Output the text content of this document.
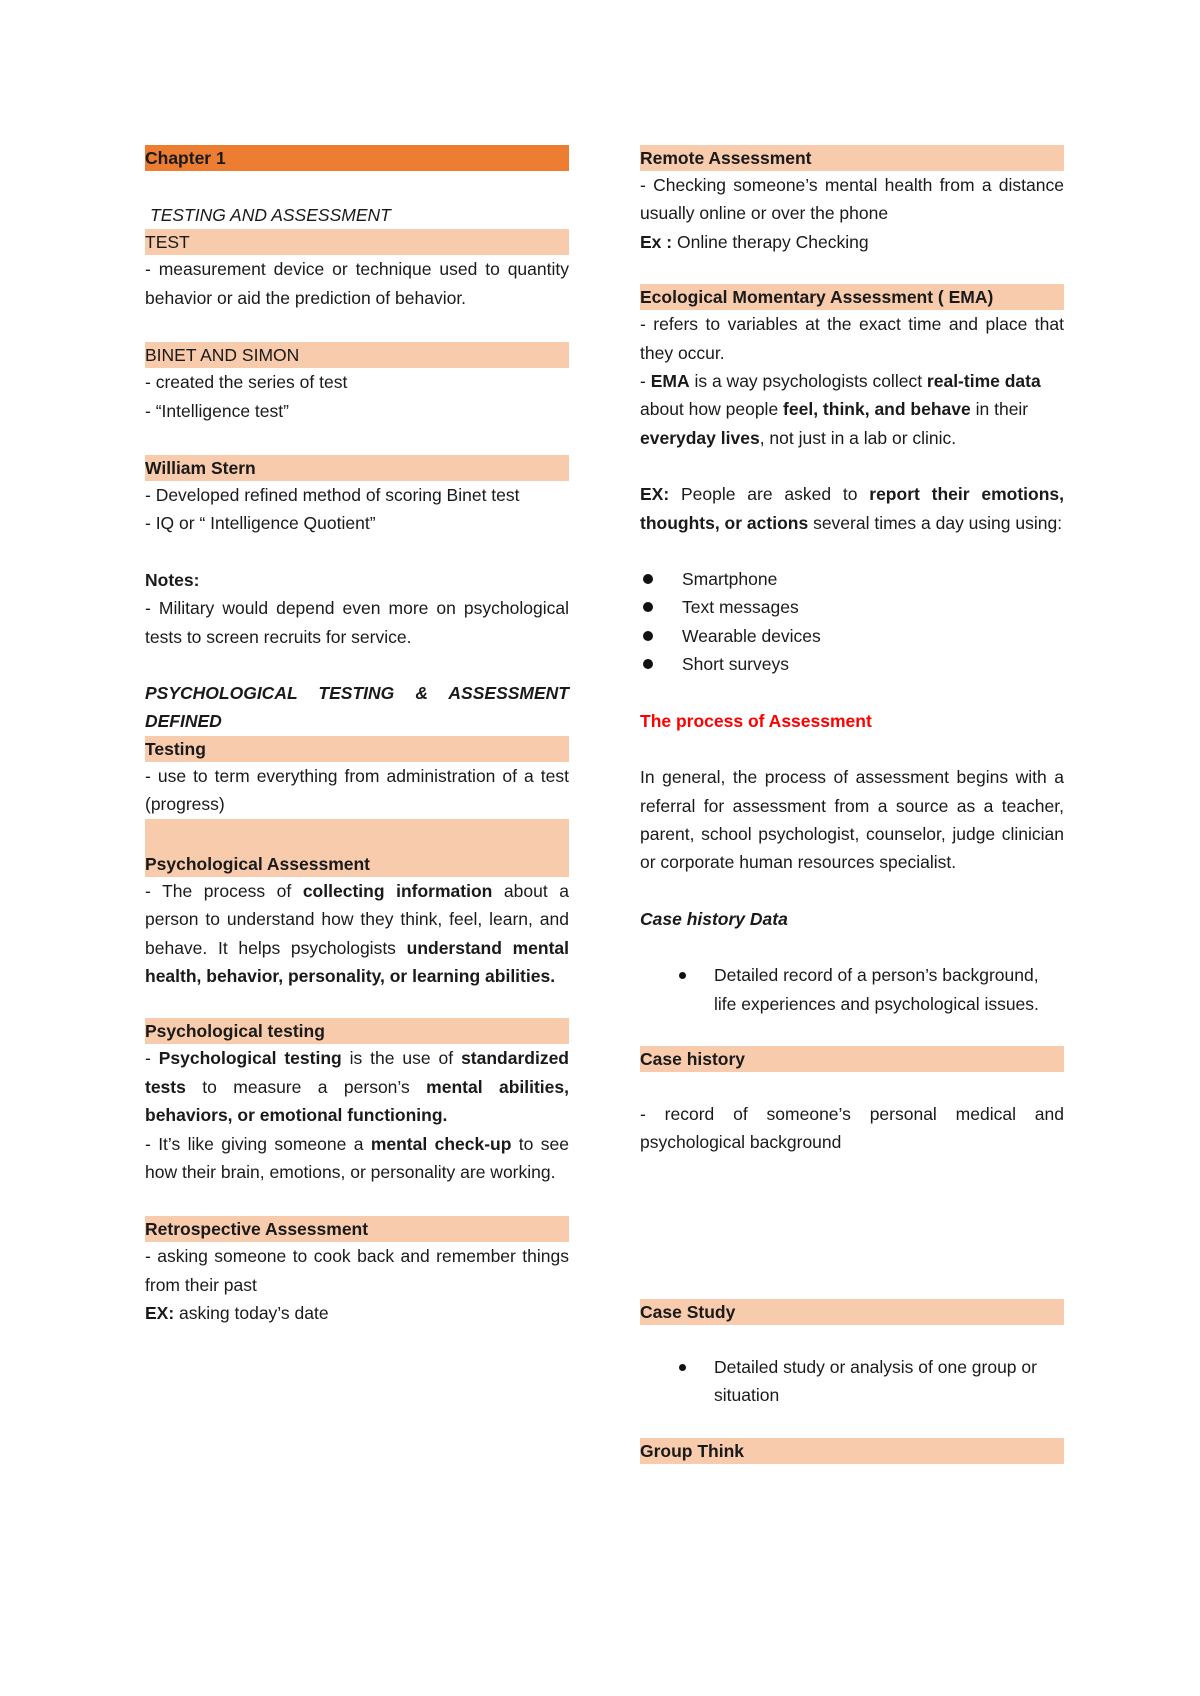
Chapter 1
TESTING AND ASSESSMENT
TEST
- measurement device or technique used to quantity behavior or aid the prediction of behavior.
BINET AND SIMON
- created the series of test
- “Intelligence test”
William Stern
- Developed refined method of scoring Binet test
- IQ or “ Intelligence Quotient”
Notes:
- Military would depend even more on psychological tests to screen recruits for service.
PSYCHOLOGICAL TESTING & ASSESSMENT DEFINED
Testing
- use to term everything from administration of a test (progress)
Psychological Assessment
- The process of collecting information about a person to understand how they think, feel, learn, and behave. It helps psychologists understand mental health, behavior, personality, or learning abilities.
Psychological testing
- Psychological testing is the use of standardized tests to measure a person’s mental abilities, behaviors, or emotional functioning.
- It’s like giving someone a mental check-up to see how their brain, emotions, or personality are working.
Retrospective Assessment
- asking someone to cook back and remember things from their past
EX: asking today’s date
Remote Assessment
- Checking someone’s mental health from a distance usually online or over the phone
Ex : Online therapy Checking
Ecological Momentary Assessment ( EMA)
- refers to variables at the exact time and place that they occur.
- EMA is a way psychologists collect real-time data about how people feel, think, and behave in their everyday lives, not just in a lab or clinic.
EX: People are asked to report their emotions, thoughts, or actions several times a day using using:
Smartphone
Text messages
Wearable devices
Short surveys
The process of Assessment
In general, the process of assessment begins with a referral for assessment from a source as a teacher, parent, school psychologist, counselor, judge clinician or corporate human resources specialist.
Case history Data
Detailed record of a person’s background, life experiences and psychological issues.
Case history
- record of someone’s personal medical and psychological background
Case Study
Detailed study or analysis of one group or situation
Group Think
